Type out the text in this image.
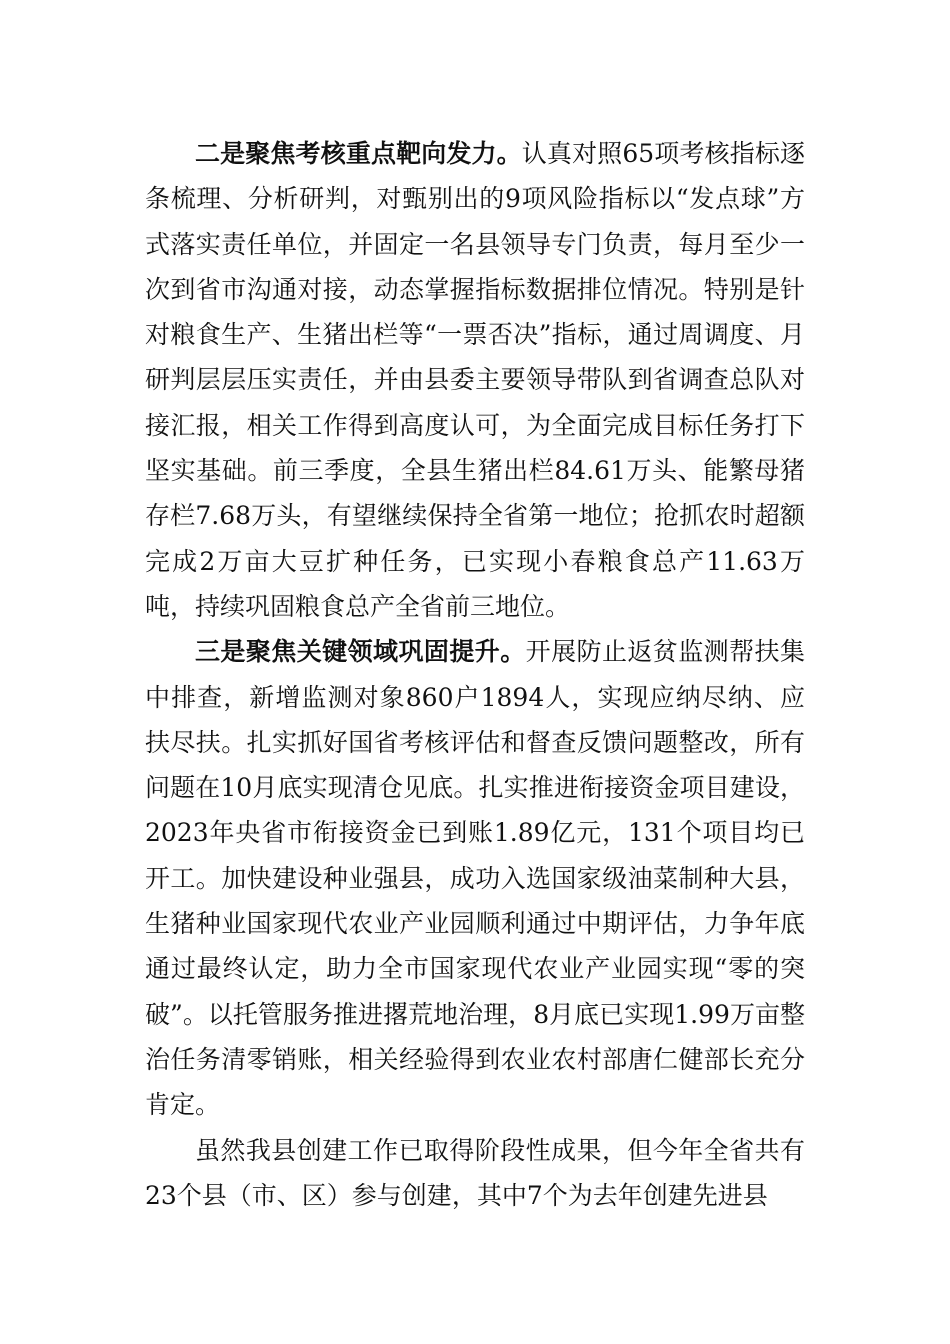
二是聚焦考核重点靶向发力。认真对照65项考核指标逐条梳理、分析研判，对甄别出的9项风险指标以“发点球”方式落实责任单位，并固定一名县领导专门负责，每月至少一次到省市沟通对接，动态掌握指标数据排位情况。特别是针对粮食生产、生猪出栏等“一票否决”指标，通过周调度、月研判层层压实责任，并由县委主要领导带队到省调查总队对接汇报，相关工作得到高度认可，为全面完成目标任务打下坚实基础。前三季度，全县生猪出栏84.61万头、能繁母猪存栏7.68万头，有望继续保持全省第一地位；抢抓农时超额完成2万亩大豆扩种任务，已实现小春粮食总产11.63万吨，持续巩固粮食总产全省前三地位。

三是聚焦关键领域巩固提升。开展防止返贫监测帮扶集中排查，新增监测对象860户1894人，实现应纳尽纳、应扶尽扶。扎实抓好国省考核评估和督查反馈问题整改，所有问题在10月底实现清仓见底。扎实推进衔接资金项目建设，2023年央省市衔接资金已到账1.89亿元，131个项目均已开工。加快建设种业强县，成功入选国家级油菜制种大县，生猪种业国家现代农业产业园顺利通过中期评估，力争年底通过最终认定，助力全市国家现代农业产业园实现“零的突破”。以托管服务推进撂荒地治理，8月底已实现1.99万亩整治任务清零销账，相关经验得到农业农村部唐仁健部长充分肯定。

虽然我县创建工作已取得阶段性成果，但今年全省共有23个县（市、区）参与创建，其中7个为去年创建先进县
